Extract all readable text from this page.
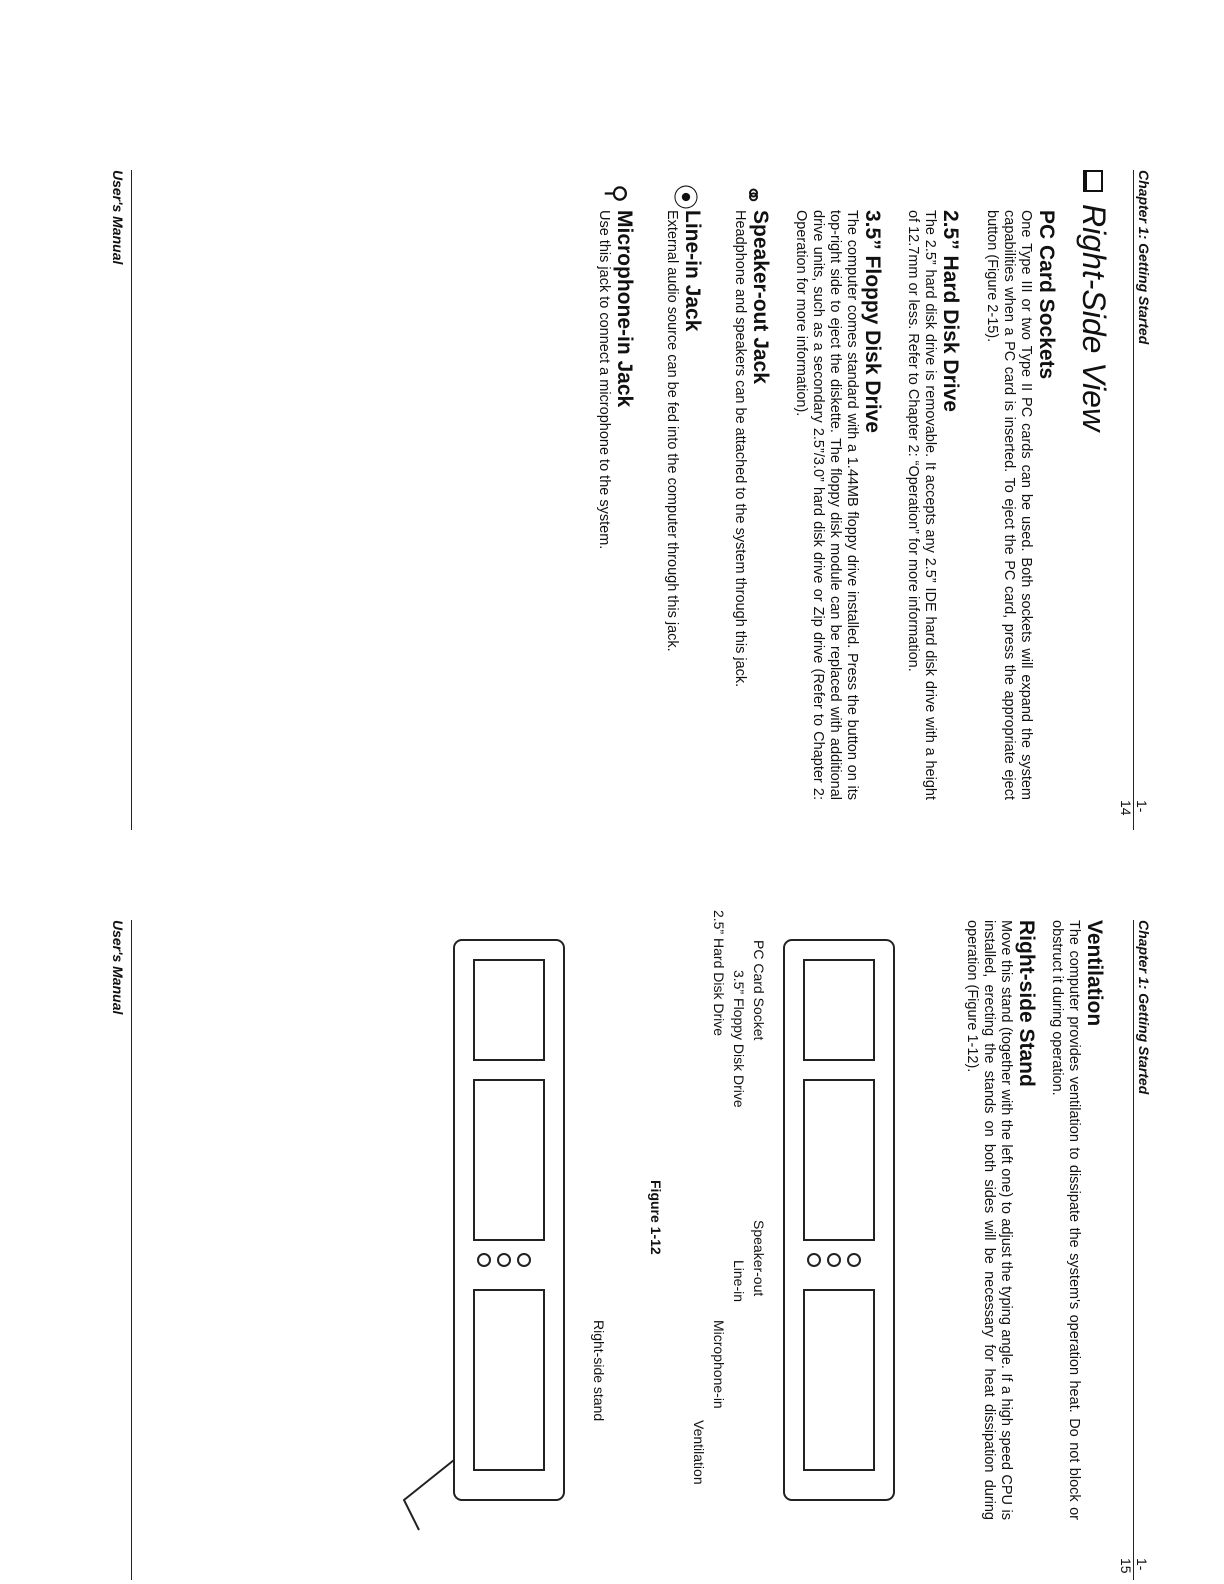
Chapter 1: Getting Started
1-14
Right-Side View
PC Card Sockets

One Type III or two Type II PC cards can be used. Both sockets will expand the system capabilities when a PC card is inserted. To eject the PC card, press the appropriate eject button (Figure 2-15).

2.5” Hard Disk Drive

The 2.5” hard disk drive is removable. It accepts any 2.5” IDE hard disk drive with a height of 12.7mm or less. Refer to Chapter 2: “Operation” for more information.

3.5” Floppy Disk Drive

The computer comes standard with a 1.44MB floppy drive installed. Press the button on its top-right side to eject the diskette. The floppy disk module can be replaced with additional drive units, such as a secondary 2.5”/3.0” hard disk drive or Zip drive (Refer to Chapter 2: Operation for more information).

⚭
Speaker-out Jack

Headphone and speakers can be attached to the system through this jack.

⦿
Line-in Jack

External audio source can be fed into the computer through this jack.

⚲
Microphone-in Jack

Use this jack to connect a microphone to the system.

User's Manual
Chapter 1: Getting Started
1-15
Ventilation

The computer provides ventilation to dissipate the system's operation heat. Do not block or obstruct it during operation.

Right-side Stand

Move this stand (together with the left one) to adjust the typing angle. If a high speed CPU is installed, erecting the stands on both sides will be necessary for heat dissipation during operation (Figure 1-12).

PC Card Socket
3.5” Floppy Disk Drive
2.5” Hard Disk Drive
Speaker-out
Line-in
Microphone-in
Ventilation
Right-side stand
Figure 1-12
User's Manual
